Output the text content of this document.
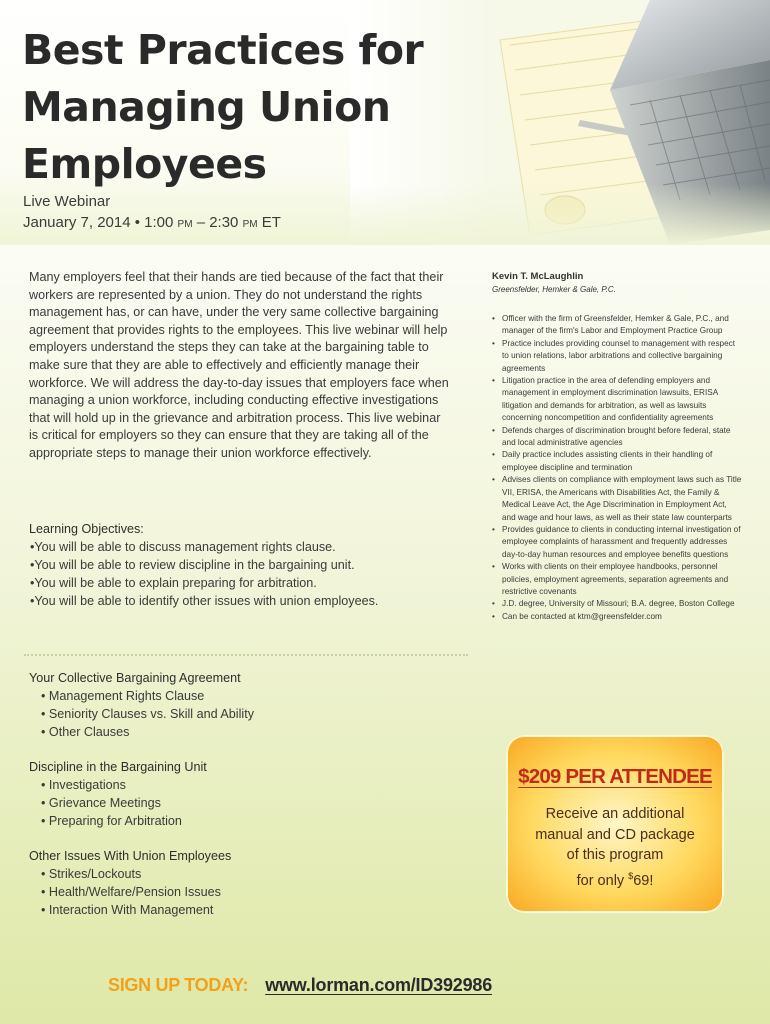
Best Practices for Managing Union Employees
Live Webinar
January 7, 2014 • 1:00 PM – 2:30 PM ET

Many employers feel that their hands are tied because of the fact that their workers are represented by a union. They do not understand the rights management has, or can have, under the very same collective bargaining agreement that provides rights to the employees. This live webinar will help employers understand the steps they can take at the bargaining table to make sure that they are able to effectively and efficiently manage their workforce. We will address the day-to-day issues that employers face when managing a union workforce, including conducting effective investigations that will hold up in the grievance and arbitration process. This live webinar is critical for employers so they can ensure that they are taking all of the appropriate steps to manage their union workforce effectively.

Learning Objectives:
•You will be able to discuss management rights clause.
•You will be able to review discipline in the bargaining unit.
•You will be able to explain preparing for arbitration.
•You will be able to identify other issues with union employees.
Your Collective Bargaining Agreement
• Management Rights Clause
• Seniority Clauses vs. Skill and Ability
• Other Clauses
Discipline in the Bargaining Unit
• Investigations
• Grievance Meetings
• Preparing for Arbitration
Other Issues With Union Employees
• Strikes/Lockouts
• Health/Welfare/Pension Issues
• Interaction With Management
Kevin T. McLaughlin
Greensfelder, Hemker & Gale, P.C.
• Officer with the firm of Greensfelder, Hemker & Gale, P.C., and manager of the firm's Labor and Employment Practice Group
• Practice includes providing counsel to management with respect to union relations, labor arbitrations and collective bargaining agreements
• Litigation practice in the area of defending employers and management in employment discrimination lawsuits, ERISA litigation and demands for arbitration, as well as lawsuits concerning noncompetition and confidentiality agreements
• Defends charges of discrimination brought before federal, state and local administrative agencies
• Daily practice includes assisting clients in their handling of employee discipline and termination
• Advises clients on compliance with employment laws such as Title VII, ERISA, the Americans with Disabilities Act, the Family & Medical Leave Act, the Age Discrimination in Employment Act, and wage and hour laws, as well as their state law counterparts
• Provides guidance to clients in conducting internal investigation of employee complaints of harassment and frequently addresses day-to-day human resources and employee benefits questions
• Works with clients on their employee handbooks, personnel policies, employment agreements, separation agreements and restrictive covenants
• J.D. degree, University of Missouri; B.A. degree, Boston College
• Can be contacted at ktm@greensfelder.com
$209 PER ATTENDEE
Receive an additional
manual and CD package
of this program
for only $69!
SIGN UP TODAY: www.lorman.com/ID392986
